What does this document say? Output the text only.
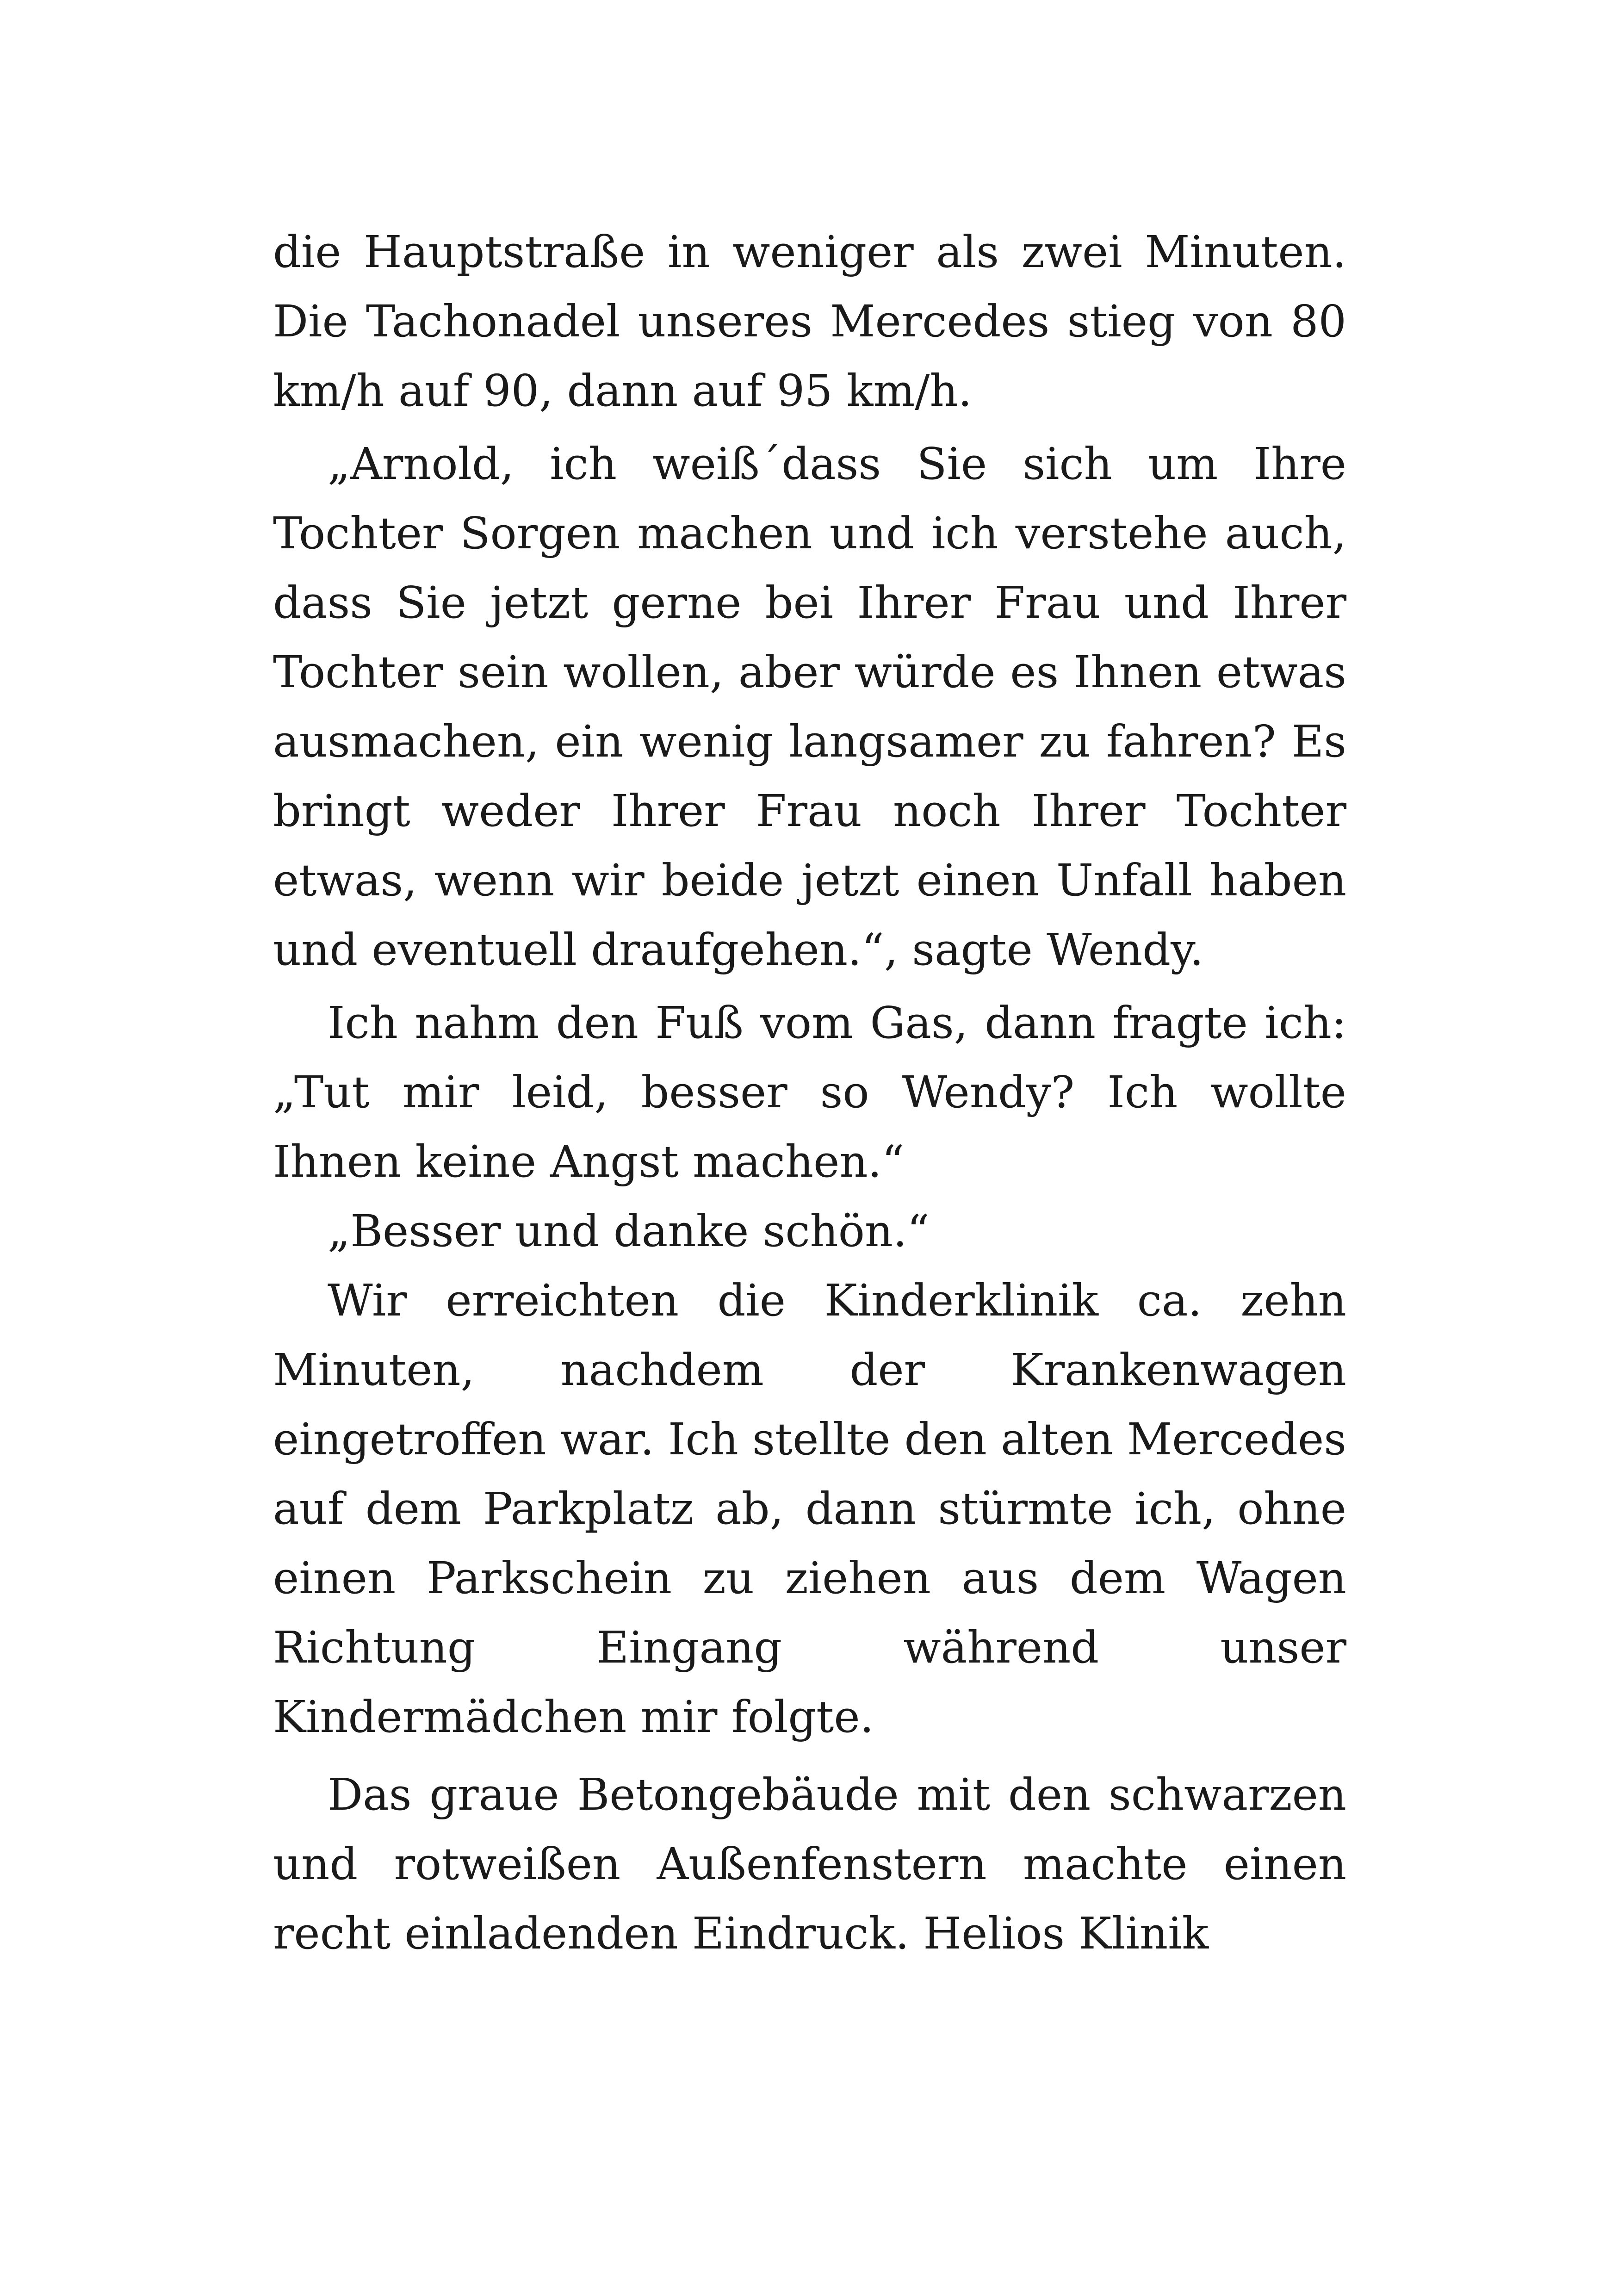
die Hauptstraße in weniger als zwei Minuten. Die Tachonadel unseres Mercedes stieg von 80 km/h auf 90, dann auf 95 km/h.

„Arnold, ich weiß´dass Sie sich um Ihre Tochter Sorgen machen und ich verstehe auch, dass Sie jetzt gerne bei Ihrer Frau und Ihrer Tochter sein wollen, aber würde es Ihnen etwas ausmachen, ein wenig langsamer zu fahren? Es bringt weder Ihrer Frau noch Ihrer Tochter etwas, wenn wir beide jetzt einen Unfall haben und eventuell draufgehen.“, sagte Wendy.

Ich nahm den Fuß vom Gas, dann fragte ich: „Tut mir leid, besser so Wendy? Ich wollte Ihnen keine Angst machen.“

„Besser und danke schön.“

Wir erreichten die Kinderklinik ca. zehn Minuten, nachdem der Krankenwagen eingetroffen war. Ich stellte den alten Mercedes auf dem Parkplatz ab, dann stürmte ich, ohne einen Parkschein zu ziehen aus dem Wagen Richtung Eingang während unser Kindermädchen mir folgte.

Das graue Betongebäude mit den schwarzen und rotweißen Außenfenstern machte einen recht einladenden Eindruck. Helios Klinik
